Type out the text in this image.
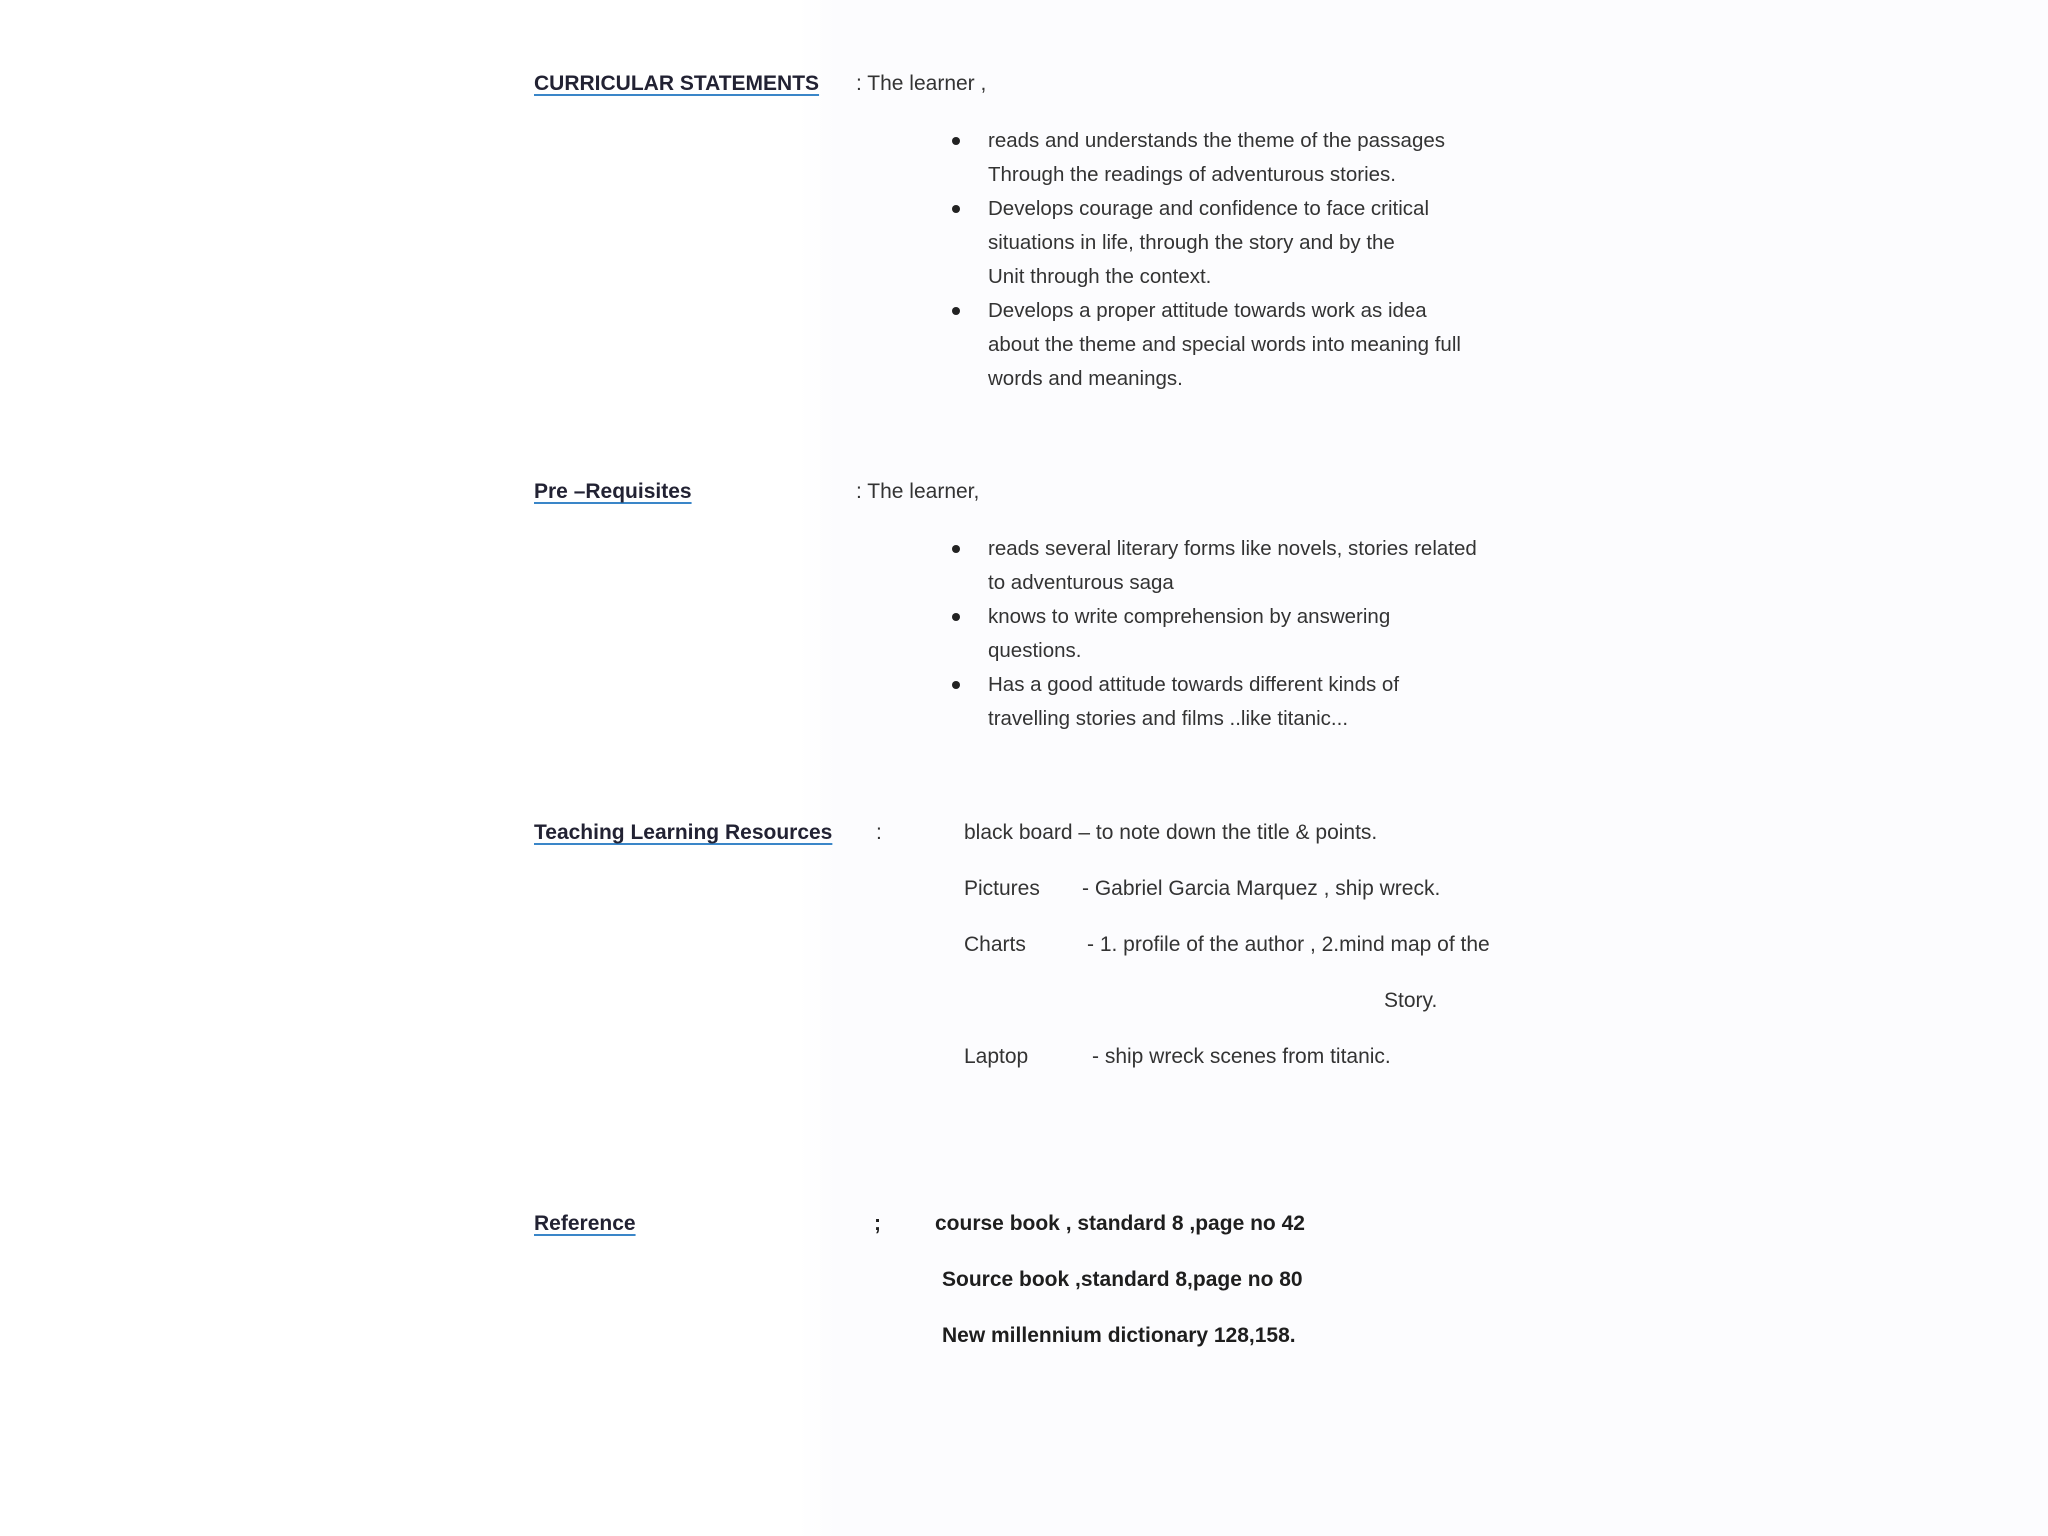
CURRICULAR STATEMENTS : The learner ,
reads and understands the theme of the passages
Through the readings of adventurous stories.
Develops courage and confidence to face critical
situations in life, through the story and by the
Unit through the context.
Develops a proper attitude towards work as idea
about the theme and special words into meaning full
words and meanings.
Pre –Requisites	: The learner,
reads several literary forms like novels, stories related
to adventurous saga
knows to write comprehension by answering
questions.
Has a good attitude towards different kinds of
travelling stories and films ..like titanic...
Teaching Learning Resources :	black board – to note down the title & points.
Pictures - Gabriel Garcia Marquez , ship wreck.
Charts	- 1. profile of the author , 2.mind map of the
Story.
Laptop	- ship wreck scenes from titanic.
Reference	;	course book , standard 8 ,page no 42
Source book ,standard 8,page no 80
New millennium dictionary 128,158.
